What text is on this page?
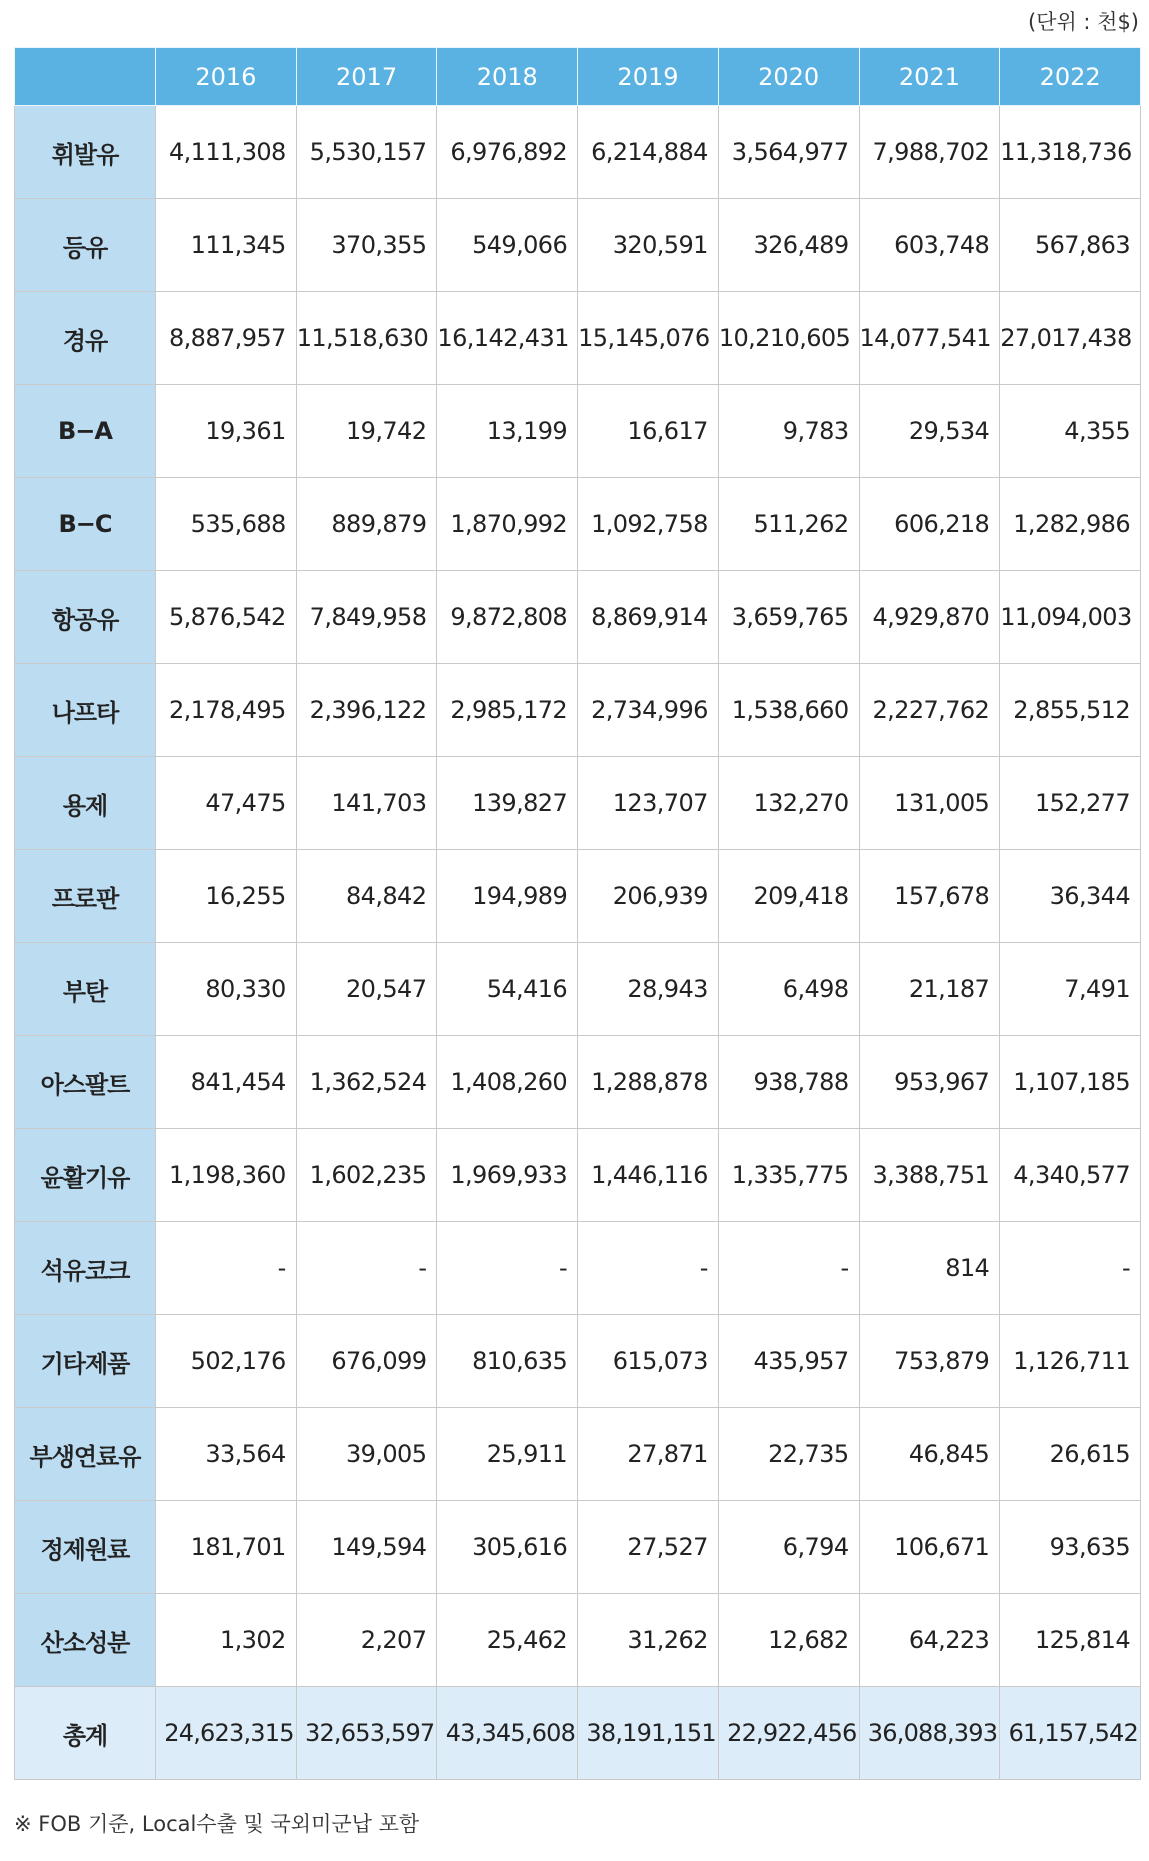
(단위 : 천$)
	2016	2017	2018	2019	2020	2021	2022
휘발유	4,111,308	5,530,157	6,976,892	6,214,884	3,564,977	7,988,702	11,318,736
등유	111,345	370,355	549,066	320,591	326,489	603,748	567,863
경유	8,887,957	11,518,630	16,142,431	15,145,076	10,210,605	14,077,541	27,017,438
B−A	19,361	19,742	13,199	16,617	9,783	29,534	4,355
B−C	535,688	889,879	1,870,992	1,092,758	511,262	606,218	1,282,986
항공유	5,876,542	7,849,958	9,872,808	8,869,914	3,659,765	4,929,870	11,094,003
나프타	2,178,495	2,396,122	2,985,172	2,734,996	1,538,660	2,227,762	2,855,512
용제	47,475	141,703	139,827	123,707	132,270	131,005	152,277
프로판	16,255	84,842	194,989	206,939	209,418	157,678	36,344
부탄	80,330	20,547	54,416	28,943	6,498	21,187	7,491
아스팔트	841,454	1,362,524	1,408,260	1,288,878	938,788	953,967	1,107,185
윤활기유	1,198,360	1,602,235	1,969,933	1,446,116	1,335,775	3,388,751	4,340,577
석유코크	-	-	-	-	-	814	-
기타제품	502,176	676,099	810,635	615,073	435,957	753,879	1,126,711
부생연료유	33,564	39,005	25,911	27,871	22,735	46,845	26,615
정제원료	181,701	149,594	305,616	27,527	6,794	106,671	93,635
산소성분	1,302	2,207	25,462	31,262	12,682	64,223	125,814
총계	24,623,315	32,653,597	43,345,608	38,191,151	22,922,456	36,088,393	61,157,542
※ FOB 기준, Local수출 및 국외미군납 포함
